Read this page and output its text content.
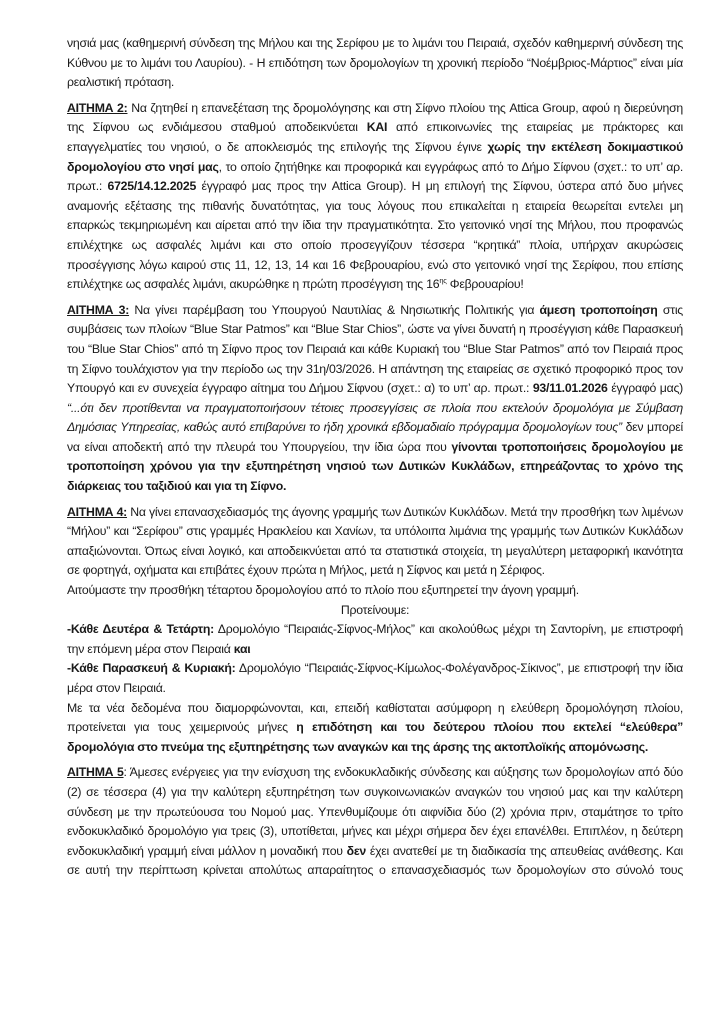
νησιά μας (καθημερινή σύνδεση της Μήλου και της Σερίφου με το λιμάνι του Πειραιά, σχεδόν καθημερινή σύνδεση της Κύθνου με το λιμάνι του Λαυρίου). - Η επιδότηση των δρομολογίων τη χρονική περίοδο “Νοέμβριος-Μάρτιος” είναι μία ρεαλιστική πρόταση.

ΑΙΤΗΜΑ 2: Να ζητηθεί η επανεξέταση της δρομολόγησης και στη Σίφνο πλοίου της Attica Group, αφού η διερεύνηση της Σίφνου ως ενδιάμεσου σταθμού αποδεικνύεται ΚΑΙ από επικοινωνίες της εταιρείας με πράκτορες και επαγγελματίες του νησιού, ο δε αποκλεισμός της επιλογής της Σίφνου έγινε χωρίς την εκτέλεση δοκιμαστικού δρομολογίου στο νησί μας, το οποίο ζητήθηκε και προφορικά και εγγράφως από το Δήμο Σίφνου (σχετ.: το υπ’ αρ. πρωτ.: 6725/14.12.2025 έγγραφό μας προς την Attica Group). Η μη επιλογή της Σίφνου, ύστερα από δυο μήνες αναμονής εξέτασης της πιθανής δυνατότητας, για τους λόγους που επικαλείται η εταιρεία θεωρείται εντελει μη επαρκώς τεκμηριωμένη και αίρεται από την ίδια την πραγματικότητα. Στο γειτονικό νησί της Μήλου, που προφανώς επιλέχτηκε ως ασφαλές λιμάνι και στο οποίο προσεγγίζουν τέσσερα “κρητικά” πλοία, υπήρχαν ακυρώσεις προσέγγισης λόγω καιρού στις 11, 12, 13, 14 και 16 Φεβρουαρίου, ενώ στο γειτονικό νησί της Σερίφου, που επίσης επιλέχτηκε ως ασφαλές λιμάνι, ακυρώθηκε η πρώτη προσέγγιση της $16^{\eta\varsigma}$ Φεβρουαρίου!

ΑΙΤΗΜΑ 3: Να γίνει παρέμβαση του Υπουργού Ναυτιλίας & Νησιωτικής Πολιτικής για άμεση τροποποίηση στις συμβάσεις των πλοίων “Blue Star Patmos” και “Blue Star Chios”, ώστε να γίνει δυνατή η προσέγγιση κάθε Παρασκευή του “Blue Star Chios” από τη Σίφνο προς τον Πειραιά και κάθε Κυριακή του “Blue Star Patmos” από τον Πειραιά προς τη Σίφνο τουλάχιστον για την περίοδο ως την 31η/03/2026. Η απάντηση της εταιρείας σε σχετικό προφορικό προς τον Υπουργό και εν συνεχεία έγγραφο αίτημα του Δήμου Σίφνου (σχετ.: α) το υπ’ αρ. πρωτ.: 93/11.01.2026 έγγραφό μας) “...ότι δεν προτίθενται να πραγματοποιήσουν τέτοιες προσεγγίσεις σε πλοία που εκτελούν δρομολόγια με Σύμβαση Δημόσιας Υπηρεσίας, καθώς αυτό επιβαρύνει το ήδη χρονικά εβδομαδιαίο πρόγραμμα δρομολογίων τους” δεν μπορεί να είναι αποδεκτή από την πλευρά του Υπουργείου, την ίδια ώρα που γίνονται τροποποιήσεις δρομολογίου με τροποποίηση χρόνου για την εξυπηρέτηση νησιού των Δυτικών Κυκλάδων, επηρεάζοντας το χρόνο της διάρκειας του ταξιδιού και για τη Σίφνο.

ΑΙΤΗΜΑ 4: Να γίνει επανασχεδιασμός της άγονης γραμμής των Δυτικών Κυκλάδων. Μετά την προσθήκη των λιμένων “Μήλου” και “Σερίφου” στις γραμμές Ηρακλείου και Χανίων, τα υπόλοιπα λιμάνια της γραμμής των Δυτικών Κυκλάδων απαξιώνονται. Όπως είναι λογικό, και αποδεικνύεται από τα στατιστικά στοιχεία, τη μεγαλύτερη μεταφορική ικανότητα σε φορτηγά, οχήματα και επιβάτες έχουν πρώτα η Μήλος, μετά η Σίφνος και μετά η Σέριφος.

Αιτούμαστε την προσθήκη τέταρτου δρομολογίου από το πλοίο που εξυπηρετεί την άγονη γραμμή.

Προτείνουμε:

-Κάθε Δευτέρα & Τετάρτη: Δρομολόγιο “Πειραιάς-Σίφνος-Μήλος” και ακολούθως μέχρι τη Σαντορίνη, με επιστροφή την επόμενη μέρα στον Πειραιά και

-Κάθε Παρασκευή & Κυριακή: Δρομολόγιο “Πειραιάς-Σίφνος-Κίμωλος-Φολέγανδρος-Σίκινος”, με επιστροφή την ίδια μέρα στον Πειραιά.

Με τα νέα δεδομένα που διαμορφώνονται, και, επειδή καθίσταται ασύμφορη η ελεύθερη δρομολόγηση πλοίου, προτείνεται για τους χειμερινούς μήνες η επιδότηση και του δεύτερου πλοίου που εκτελεί “ελεύθερα” δρομολόγια στο πνεύμα της εξυπηρέτησης των αναγκών και της άρσης της ακτοπλοϊκής απομόνωσης.

ΑΙΤΗΜΑ 5: Άμεσες ενέργειες για την ενίσχυση της ενδοκυκλαδικής σύνδεσης και αύξησης των δρομολογίων από δύο (2) σε τέσσερα (4) για την καλύτερη εξυπηρέτηση των συγκοινωνιακών αναγκών του νησιού μας και την καλύτερη σύνδεση με την πρωτεύουσα του Νομού μας. Υπενθυμίζουμε ότι αιφνίδια δύο (2) χρόνια πριν, σταμάτησε το τρίτο ενδοκυκλαδικό δρομολόγιο για τρεις (3), υποτίθεται, μήνες και μέχρι σήμερα δεν έχει επανέλθει. Επιπλέον, η δεύτερη ενδοκυκλαδική γραμμή είναι μάλλον η μοναδική που δεν έχει ανατεθεί με τη διαδικασία της απευθείας ανάθεσης. Και σε αυτή την περίπτωση κρίνεται απολύτως απαραίτητος ο επανασχεδιασμός των δρομολογίων στο σύνολό τους
